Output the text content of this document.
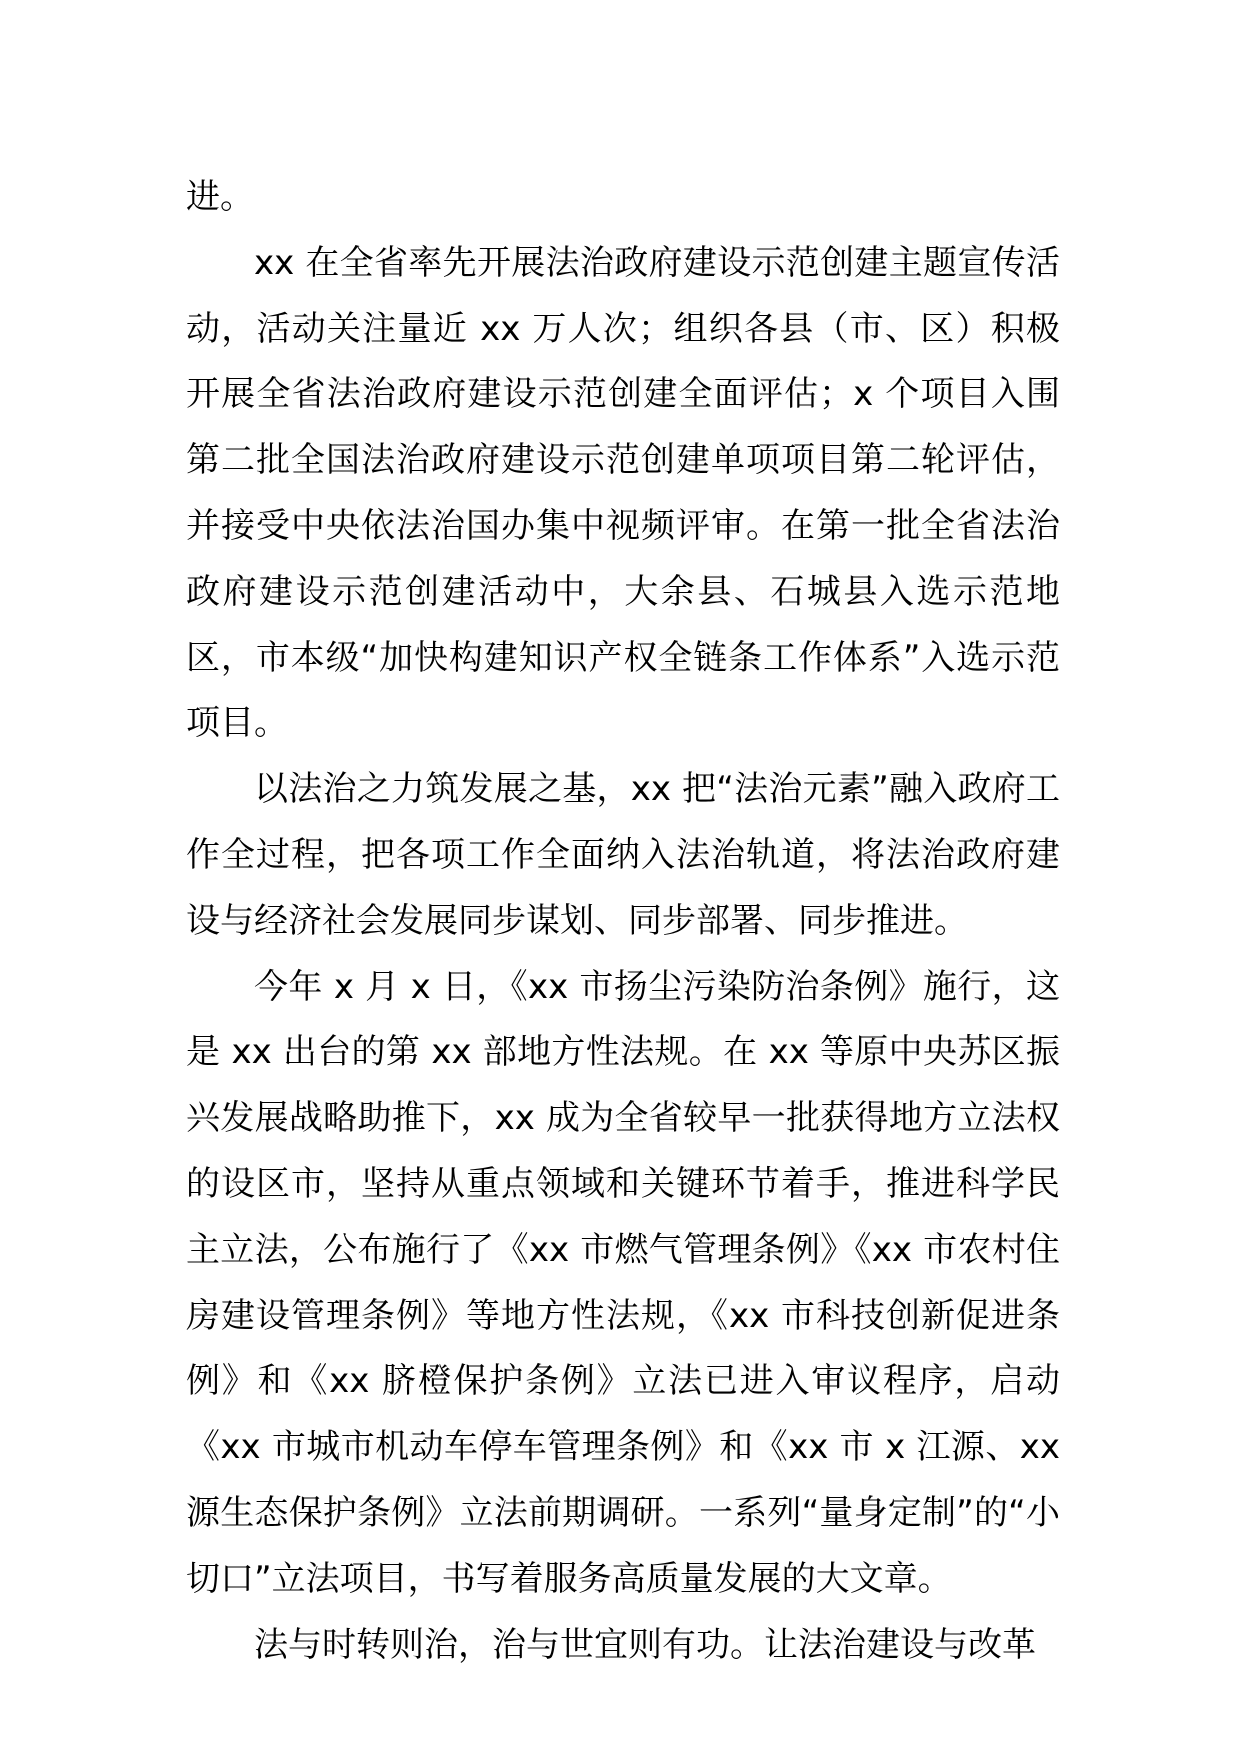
进。

xx 在全省率先开展法治政府建设示范创建主题宣传活动，活动关注量近 xx 万人次；组织各县（市、区）积极开展全省法治政府建设示范创建全面评估；x 个项目入围第二批全国法治政府建设示范创建单项项目第二轮评估，并接受中央依法治国办集中视频评审。在第一批全省法治政府建设示范创建活动中，大余县、石城县入选示范地区，市本级“加快构建知识产权全链条工作体系”入选示范项目。

以法治之力筑发展之基，xx 把“法治元素”融入政府工作全过程，把各项工作全面纳入法治轨道，将法治政府建设与经济社会发展同步谋划、同步部署、同步推进。

今年 x 月 x 日，《xx 市扬尘污染防治条例》施行，这是 xx 出台的第 xx 部地方性法规。在 xx 等原中央苏区振兴发展战略助推下，xx 成为全省较早一批获得地方立法权的设区市，坚持从重点领域和关键环节着手，推进科学民主立法，公布施行了《xx 市燃气管理条例》《xx 市农村住房建设管理条例》等地方性法规，《xx 市科技创新促进条例》和《xx 脐橙保护条例》立法已进入审议程序，启动《xx 市城市机动车停车管理条例》和《xx 市 x 江源、xx 源生态保护条例》立法前期调研。一系列“量身定制”的“小切口”立法项目，书写着服务高质量发展的大文章。

法与时转则治，治与世宜则有功。让法治建设与改革
